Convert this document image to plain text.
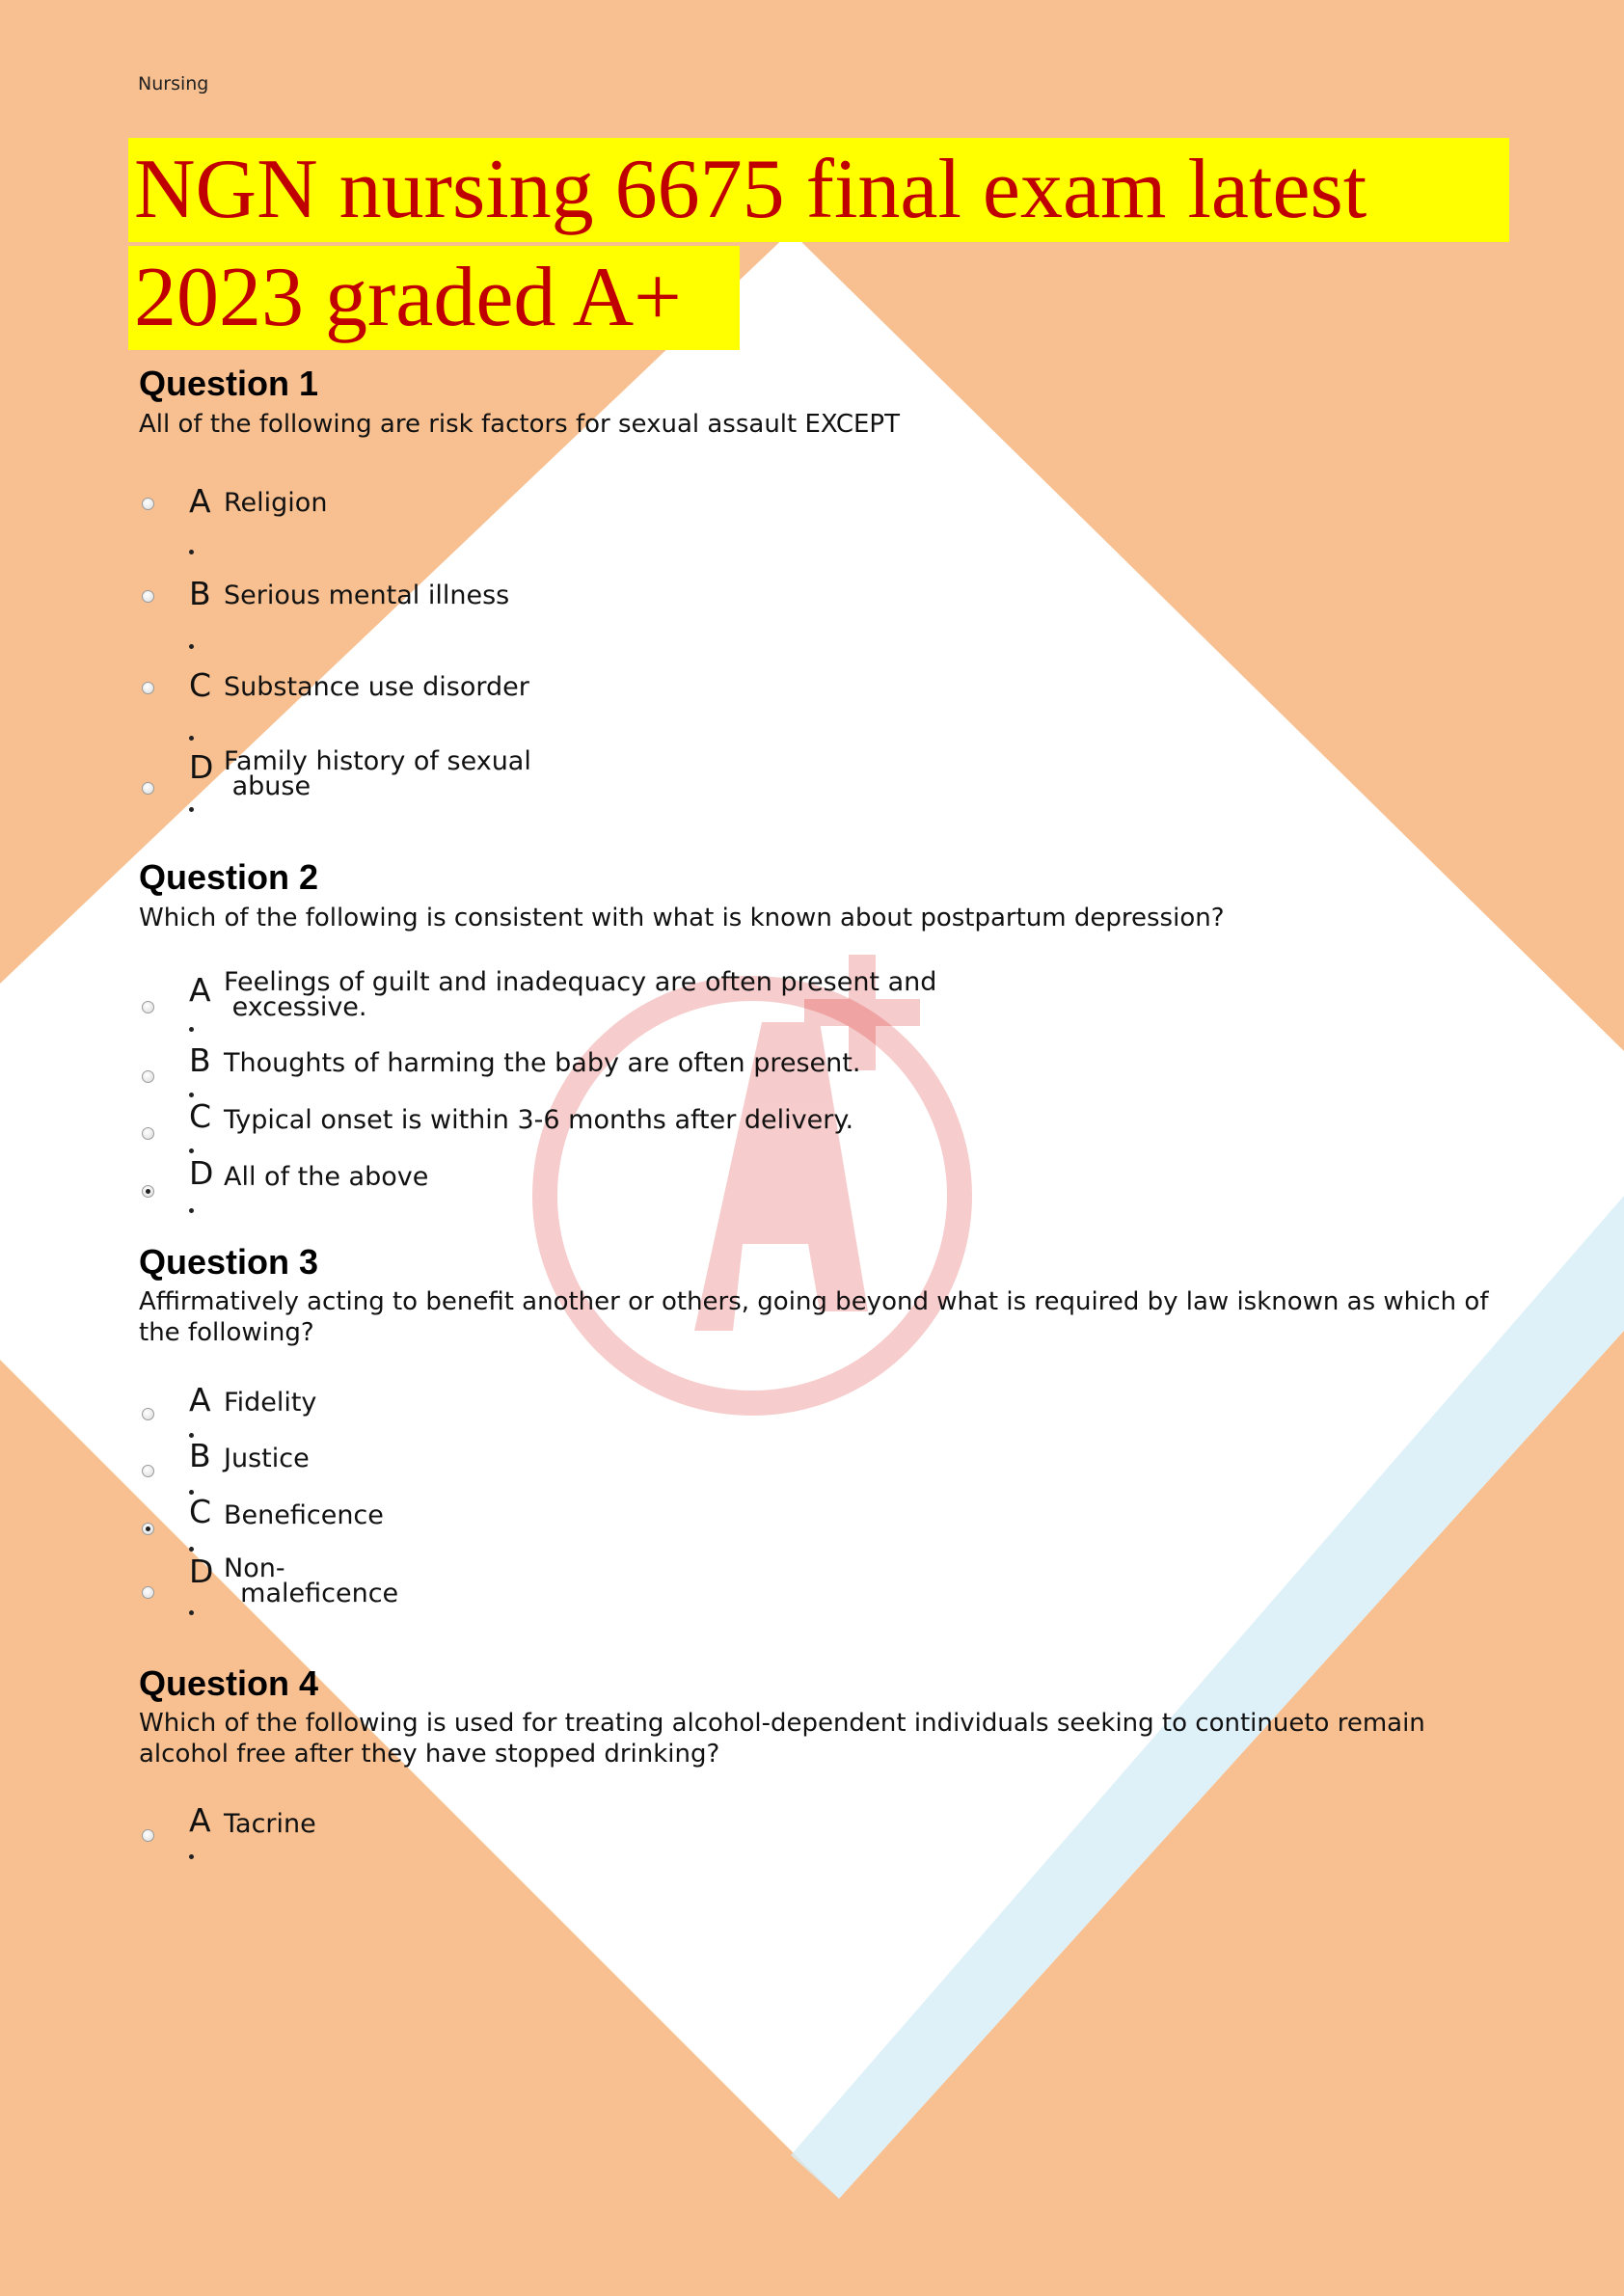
Nursing
NGN nursing 6675 final exam latest
2023 graded A+
Question 1
All of the following are risk factors for sexual assault EXCEPT
A Religion
B Serious mental illness
C Substance use disorder
D Family history of sexual
abuse
Question 2
Which of the following is consistent with what is known about postpartum depression?
A Feelings of guilt and inadequacy are often present and
excessive.
B Thoughts of harming the baby are often present.
C Typical onset is within 3-6 months after delivery.
D All of the above
Question 3
Affirmatively acting to benefit another or others, going beyond what is required by law isknown as which of the following?
A Fidelity
B Justice
C Beneficence
D Non-
maleficence
Question 4
Which of the following is used for treating alcohol-dependent individuals seeking to continueto remain alcohol free after they have stopped drinking?
A Tacrine
